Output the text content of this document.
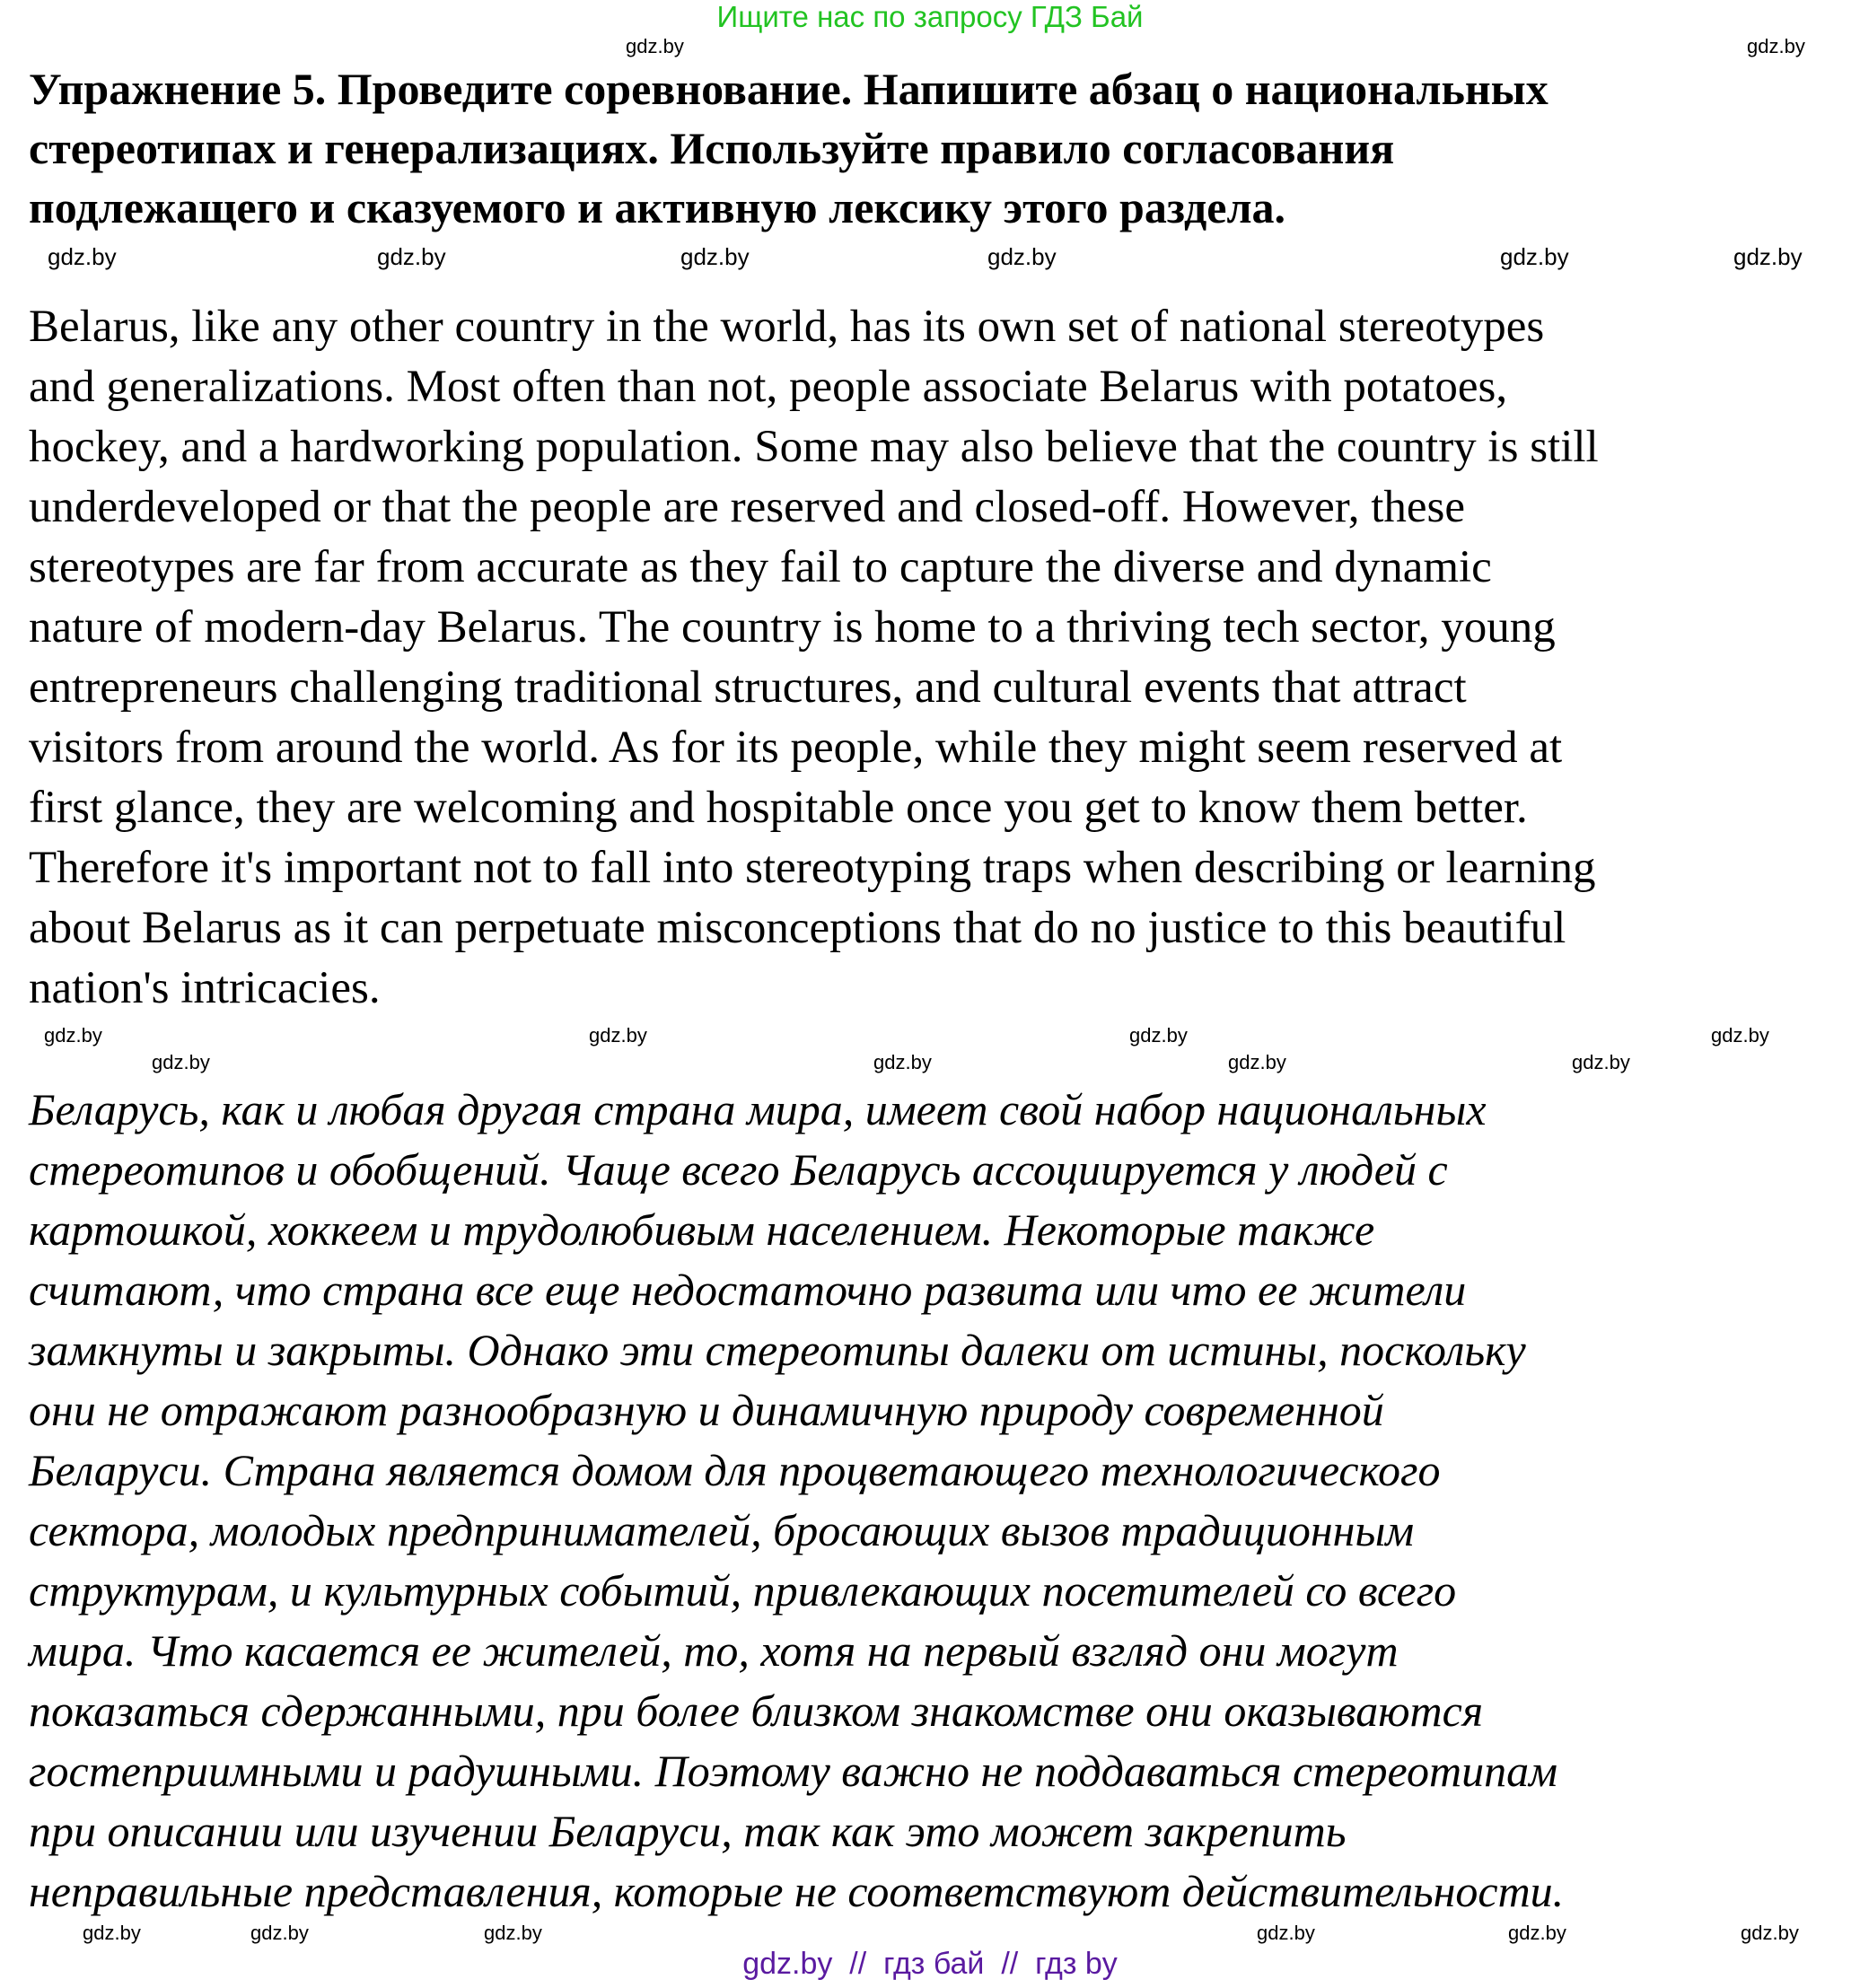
Ищите нас по запросу ГДЗ Бай
Упражнение 5. Проведите соревнование. Напишите абзац о национальных
стереотипах и генерализациях. Используйте правило согласования
подлежащего и сказуемого и активную лексику этого раздела.
Belarus, like any other country in the world, has its own set of national stereotypes
and generalizations. Most often than not, people associate Belarus with potatoes,
hockey, and a hardworking population. Some may also believe that the country is still
underdeveloped or that the people are reserved and closed-off. However, these
stereotypes are far from accurate as they fail to capture the diverse and dynamic
nature of modern-day Belarus. The country is home to a thriving tech sector, young
entrepreneurs challenging traditional structures, and cultural events that attract
visitors from around the world. As for its people, while they might seem reserved at
first glance, they are welcoming and hospitable once you get to know them better.
Therefore it's important not to fall into stereotyping traps when describing or learning
about Belarus as it can perpetuate misconceptions that do no justice to this beautiful
nation's intricacies.
Беларусь, как и любая другая страна мира, имеет свой набор национальных
стереотипов и обобщений. Чаще всего Беларусь ассоциируется у людей с
картошкой, хоккеем и трудолюбивым населением. Некоторые также
считают, что страна все еще недостаточно развита или что ее жители
замкнуты и закрыты. Однако эти стереотипы далеки от истины, поскольку
они не отражают разнообразную и динамичную природу современной
Беларуси. Страна является домом для процветающего технологического
сектора, молодых предпринимателей, бросающих вызов традиционным
структурам, и культурных событий, привлекающих посетителей со всего
мира. Что касается ее жителей, то, хотя на первый взгляд они могут
показаться сдержанными, при более близком знакомстве они оказываются
гостеприимными и радушными. Поэтому важно не поддаваться стереотипам
при описании или изучении Беларуси, так как это может закрепить
неправильные представления, которые не соответствуют действительности.
gdz.by	gdz.by
gdz.by	gdz.by	gdz.by	gdz.by	gdz.by	gdz.by
gdz.by	gdz.by	gdz.by	gdz.by
gdz.by	gdz.by	gdz.by	gdz.by
gdz.by	gdz.by	gdz.by	gdz.by	gdz.by	gdz.by
gdz.by  //  гдз бай  //  гдз by
